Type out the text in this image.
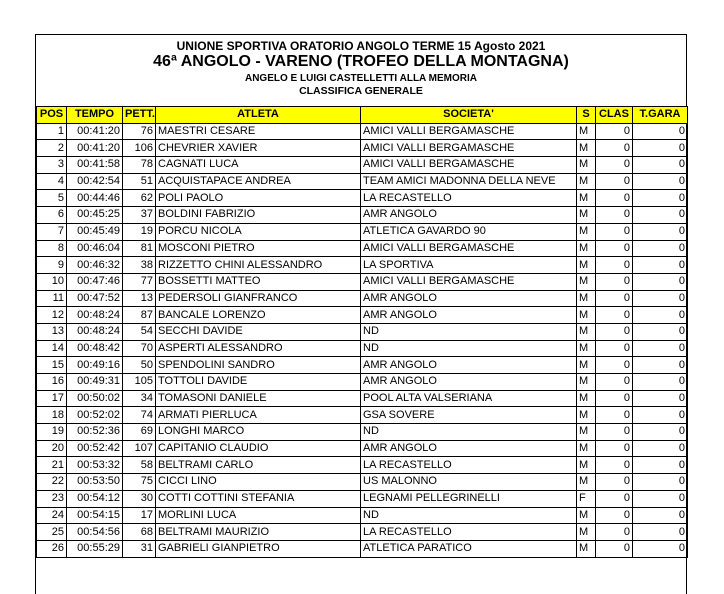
UNIONE SPORTIVA ORATORIO ANGOLO TERME 15 Agosto 2021
46ª ANGOLO - VARENO (TROFEO DELLA MONTAGNA)
ANGELO E LUIGI CASTELLETTI ALLA MEMORIA
CLASSIFICA GENERALE
POS	TEMPO	PETT.	ATLETA	SOCIETA'	S	CLAS	T.GARA
1	00:41:20	76	MAESTRI CESARE	AMICI VALLI BERGAMASCHE	M	0	0
2	00:41:20	106	CHEVRIER XAVIER	AMICI VALLI BERGAMASCHE	M	0	0
3	00:41:58	78	CAGNATI LUCA	AMICI VALLI BERGAMASCHE	M	0	0
4	00:42:54	51	ACQUISTAPACE ANDREA	TEAM AMICI MADONNA DELLA NEVE	M	0	0
5	00:44:46	62	POLI PAOLO	LA RECASTELLO	M	0	0
6	00:45:25	37	BOLDINI FABRIZIO	AMR ANGOLO	M	0	0
7	00:45:49	19	PORCU NICOLA	ATLETICA GAVARDO 90	M	0	0
8	00:46:04	81	MOSCONI PIETRO	AMICI VALLI BERGAMASCHE	M	0	0
9	00:46:32	38	RIZZETTO CHINI ALESSANDRO	LA SPORTIVA	M	0	0
10	00:47:46	77	BOSSETTI MATTEO	AMICI VALLI BERGAMASCHE	M	0	0
11	00:47:52	13	PEDERSOLI GIANFRANCO	AMR ANGOLO	M	0	0
12	00:48:24	87	BANCALE LORENZO	AMR ANGOLO	M	0	0
13	00:48:24	54	SECCHI DAVIDE	ND	M	0	0
14	00:48:42	70	ASPERTI ALESSANDRO	ND	M	0	0
15	00:49:16	50	SPENDOLINI SANDRO	AMR ANGOLO	M	0	0
16	00:49:31	105	TOTTOLI DAVIDE	AMR ANGOLO	M	0	0
17	00:50:02	34	TOMASONI DANIELE	POOL ALTA VALSERIANA	M	0	0
18	00:52:02	74	ARMATI PIERLUCA	GSA SOVERE	M	0	0
19	00:52:36	69	LONGHI MARCO	ND	M	0	0
20	00:52:42	107	CAPITANIO CLAUDIO	AMR ANGOLO	M	0	0
21	00:53:32	58	BELTRAMI CARLO	LA RECASTELLO	M	0	0
22	00:53:50	75	CICCI LINO	US MALONNO	M	0	0
23	00:54:12	30	COTTI COTTINI STEFANIA	LEGNAMI PELLEGRINELLI	F	0	0
24	00:54:15	17	MORLINI LUCA	ND	M	0	0
25	00:54:56	68	BELTRAMI MAURIZIO	LA RECASTELLO	M	0	0
26	00:55:29	31	GABRIELI GIANPIETRO	ATLETICA PARATICO	M	0	0
